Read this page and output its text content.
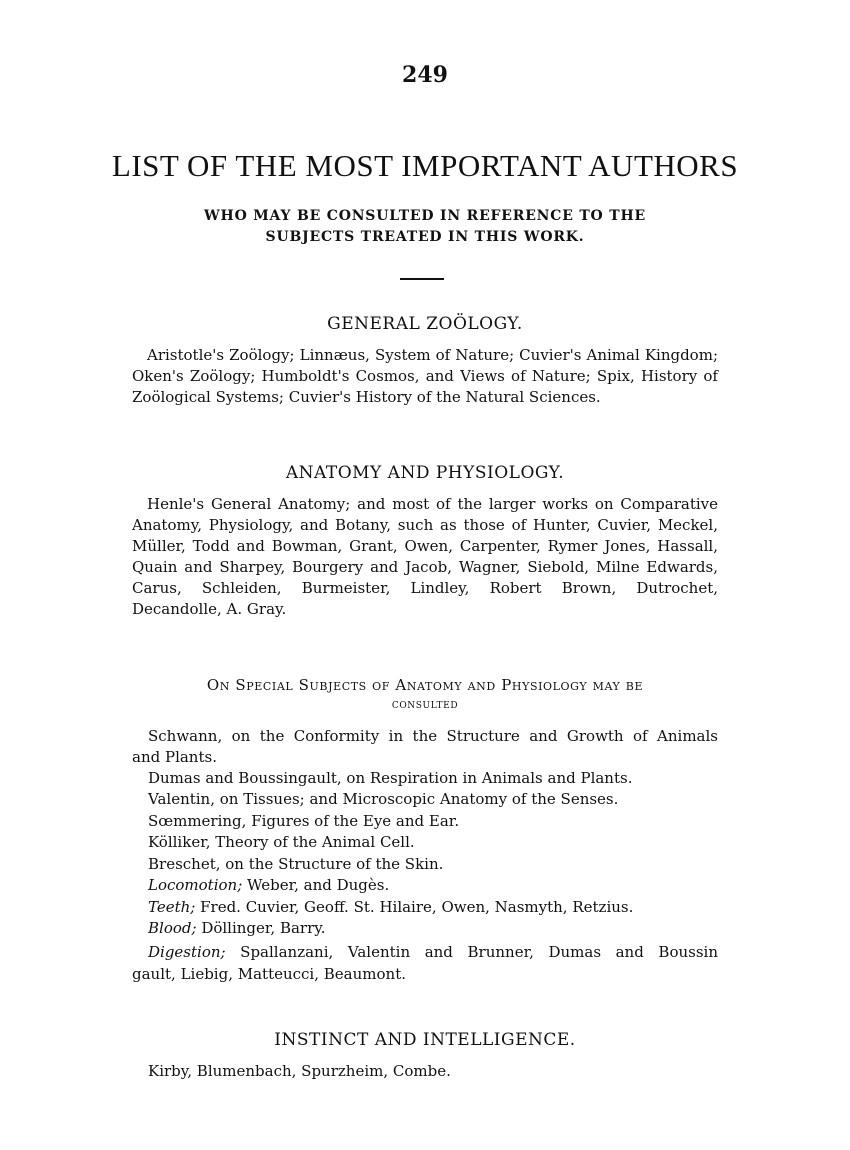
249
LIST OF THE MOST IMPORTANT AUTHORS
WHO MAY BE CONSULTED IN REFERENCE TO THE
SUBJECTS TREATED IN THIS WORK.
GENERAL ZOÖLOGY.

Aristotle's Zoölogy; Linnæus, System of Nature; Cuvier's Animal Kingdom; Oken's Zoölogy; Humboldt's Cosmos, and Views of Nature; Spix, History of Zoölogical Systems; Cuvier's History of the Natural Sciences.

ANATOMY AND PHYSIOLOGY.

Henle's General Anatomy; and most of the larger works on Comparative Anatomy, Physiology, and Botany, such as those of Hunter, Cuvier, Meckel, Müller, Todd and Bowman, Grant, Owen, Carpenter, Rymer Jones, Hassall, Quain and Sharpey, Bourgery and Jacob, Wagner, Siebold, Milne Edwards, Carus, Schleiden, Burmeister, Lindley, Robert Brown, Dutrochet, Decandolle, A. Gray.

On Special Subjects of Anatomy and Physiology may be
consulted
Schwann, on the Conformity in the Structure and Growth of Animals
and Plants.
Dumas and Boussingault, on Respiration in Animals and Plants.
Valentin, on Tissues; and Microscopic Anatomy of the Senses.
Sœmmering, Figures of the Eye and Ear.
Kölliker, Theory of the Animal Cell.
Breschet, on the Structure of the Skin.
Locomotion; Weber, and Dugès.
Teeth; Fred. Cuvier, Geoff. St. Hilaire, Owen, Nasmyth, Retzius.
Blood; Döllinger, Barry.
Digestion; Spallanzani, Valentin and Brunner, Dumas and Boussin
gault, Liebig, Matteucci, Beaumont.
INSTINCT AND INTELLIGENCE.
Kirby, Blumenbach, Spurzheim, Combe.
